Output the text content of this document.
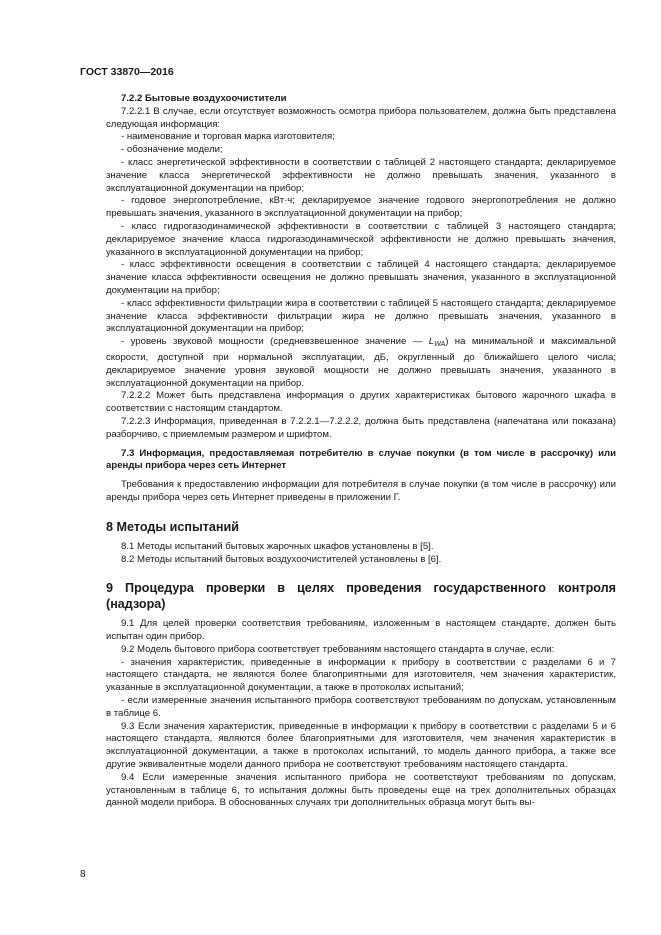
ГОСТ 33870—2016

7.2.2 Бытовые воздухоочистители

7.2.2.1 В случае, если отсутствует возможность осмотра прибора пользователем, должна быть представлена следующая информация:

- наименование и торговая марка изготовителя;

- обозначение модели;

- класс энергетической эффективности в соответствии с таблицей 2 настоящего стандарта; декларируемое значение класса энергетической эффективности не должно превышать значения, указанного в эксплуатационной документации на прибор;

- годовое энергопотребление, кВт·ч; декларируемое значение годового энергопотребления не должно превышать значения, указанного в эксплуатационной документации на прибор;

- класс гидрогазодинамической эффективности в соответствии с таблицей 3 настоящего стандарта; декларируемое значение класса гидрогазодинамической эффективности не должно превышать значения, указанного в эксплуатационной документации на прибор;

- класс эффективности освещения в соответствии с таблицей 4 настоящего стандарта; декларируемое значение класса эффективности освещения не должно превышать значения, указанного в эксплуатационной документации на прибор;

- класс эффективности фильтрации жира в соответствии с таблицей 5 настоящего стандарта; декларируемое значение класса эффективности фильтрации жира не должно превышать значения, указанного в эксплуатационной документации на прибор;

- уровень звуковой мощности (средневзвешенное значение — $L_{WA}$) на минимальной и максимальной скорости, доступной при нормальной эксплуатации, дБ, округленный до ближайшего целого числа; декларируемое значение уровня звуковой мощности не должно превышать значения, указанного в эксплуатационной документации на прибор.

7.2.2.2 Может быть представлена информация о других характеристиках бытового жарочного шкафа в соответствии с настоящим стандартом.

7.2.2.3 Информация, приведенная в 7.2.2.1—7.2.2.2, должна быть представлена (напечатана или показана) разборчиво, с приемлемым размером и шрифтом.

7.3 Информация, предоставляемая потребителю в случае покупки (в том числе в рассрочку) или аренды прибора через сеть Интернет

Требования к предоставлению информации для потребителя в случае покупки (в том числе в рассрочку) или аренды прибора через сеть Интернет приведены в приложении Г.

8 Методы испытаний

8.1 Методы испытаний бытовых жарочных шкафов установлены в [5].

8.2 Методы испытаний бытовых воздухоочистителей установлены в [6].

9 Процедура проверки в целях проведения государственного контроля (надзора)

9.1 Для целей проверки соответствия требованиям, изложенным в настоящем стандарте, должен быть испытан один прибор.

9.2 Модель бытового прибора соответствует требованиям настоящего стандарта в случае, если:

- значения характеристик, приведенные в информации к прибору в соответствии с разделами 6 и 7 настоящего стандарта, не являются более благоприятными для изготовителя, чем значения характеристик, указанные в эксплуатационной документации, а также в протоколах испытаний;

- если измеренные значения испытанного прибора соответствуют требованиям по допускам, установленным в таблице 6.

9.3 Если значения характеристик, приведенные в информации к прибору в соответствии с разделами 5 и 6 настоящего стандарта, являются более благоприятными для изготовителя, чем значения характеристик в эксплуатационной документации, а также в протоколах испытаний, то модель данного прибора, а также все другие эквивалентные модели данного прибора не соответствуют требованиям настоящего стандарта.

9.4 Если измеренные значения испытанного прибора не соответствуют требованиям по допускам, установленным в таблице 6, то испытания должны быть проведены еще на трех дополнительных образцах данной модели прибора. В обоснованных случаях три дополнительных образца могут быть вы-

8
